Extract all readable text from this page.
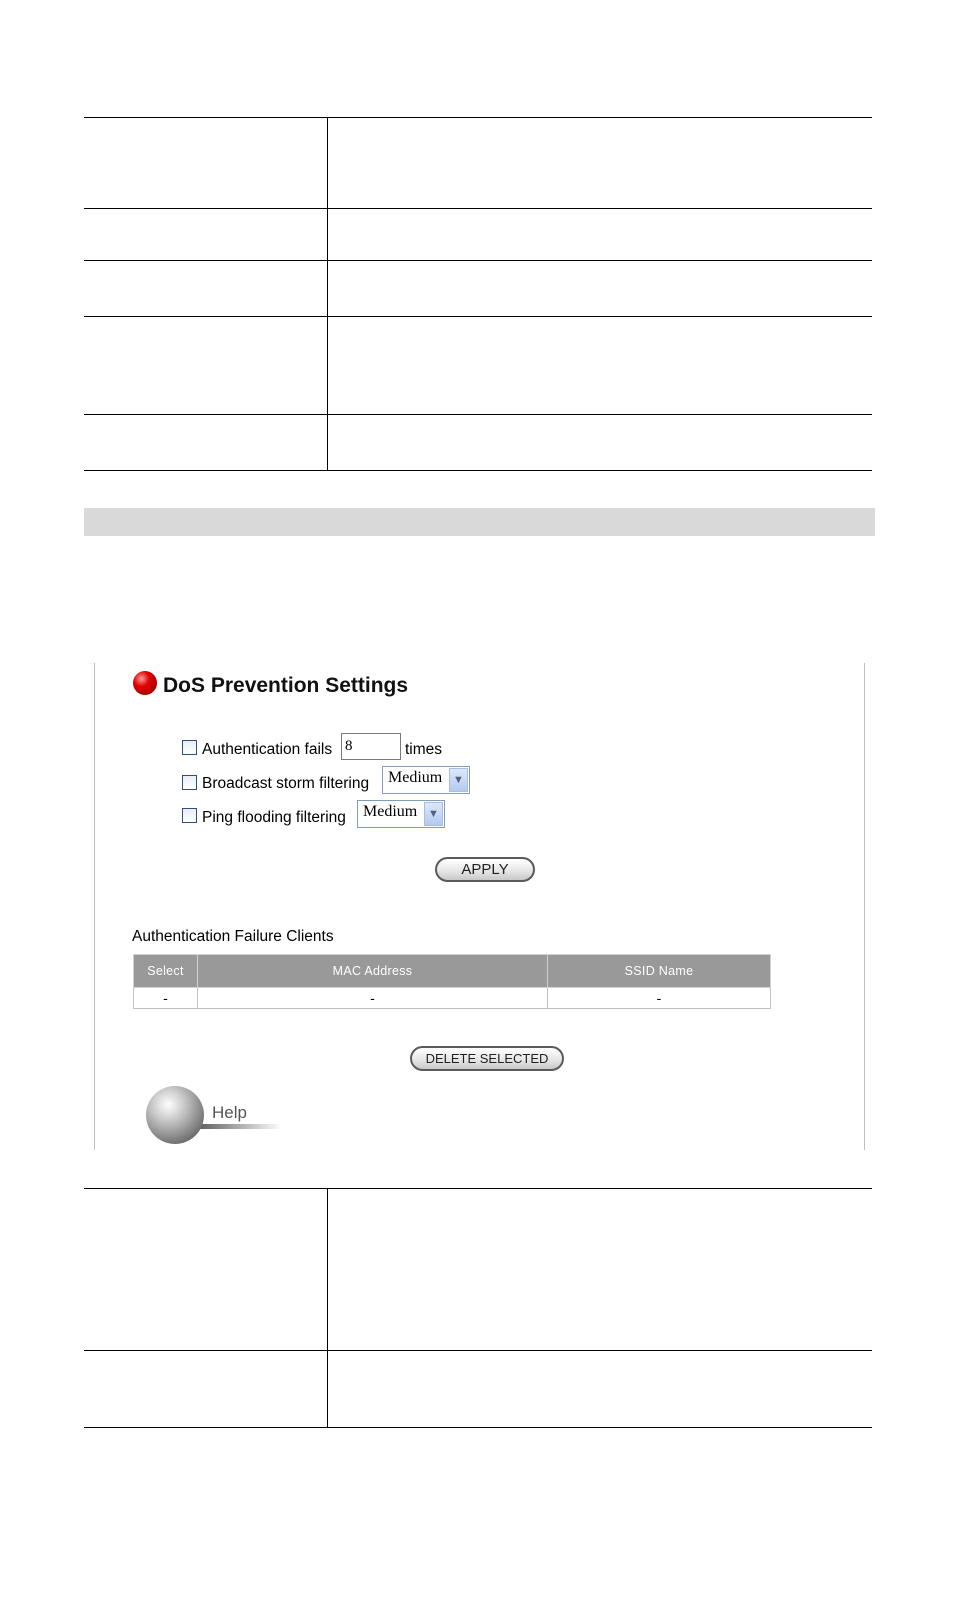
DoS Prevention Settings
Authentication fails
8	times
Broadcast storm filtering Medium ▼
Ping flooding filtering Medium ▼
APPLY
Authentication Failure Clients
Select	MAC Address	SSID Name
-	-	-
DELETE SELECTED
Help
